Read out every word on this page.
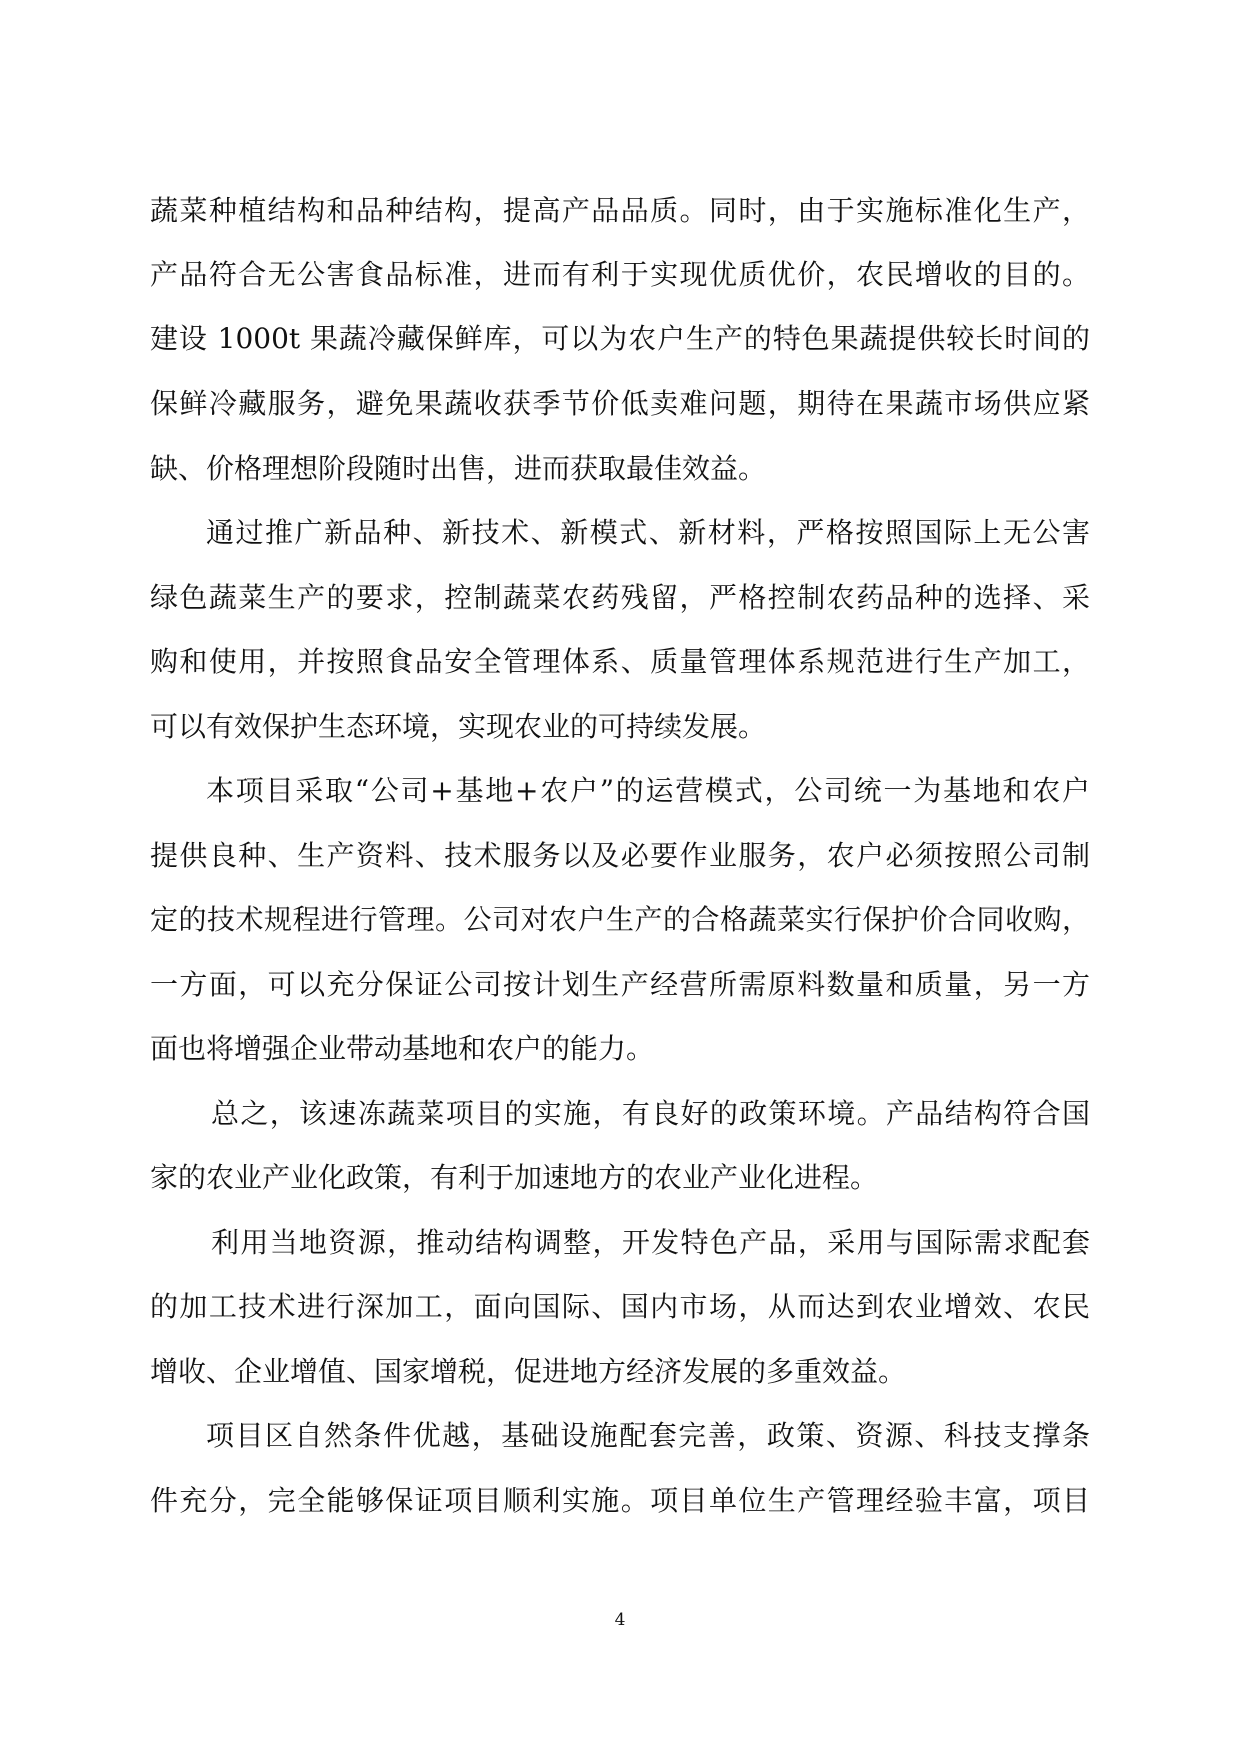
蔬菜种植结构和品种结构，提高产品品质。同时，由于实施标准化生产，
产品符合无公害食品标准，进而有利于实现优质优价，农民增收的目的。
建设 1000t 果蔬冷藏保鲜库，可以为农户生产的特色果蔬提供较长时间的
保鲜冷藏服务，避免果蔬收获季节价低卖难问题，期待在果蔬市场供应紧
缺、价格理想阶段随时出售，进而获取最佳效益。
通过推广新品种、新技术、新模式、新材料，严格按照国际上无公害
绿色蔬菜生产的要求，控制蔬菜农药残留，严格控制农药品种的选择、采
购和使用，并按照食品安全管理体系、质量管理体系规范进行生产加工，
可以有效保护生态环境，实现农业的可持续发展。
本项目采取“公司+基地+农户”的运营模式，公司统一为基地和农户
提供良种、生产资料、技术服务以及必要作业服务，农户必须按照公司制
定的技术规程进行管理。公司对农户生产的合格蔬菜实行保护价合同收购，
一方面，可以充分保证公司按计划生产经营所需原料数量和质量，另一方
面也将增强企业带动基地和农户的能力。
总之，该速冻蔬菜项目的实施，有良好的政策环境。产品结构符合国
家的农业产业化政策，有利于加速地方的农业产业化进程。
利用当地资源，推动结构调整，开发特色产品，采用与国际需求配套
的加工技术进行深加工，面向国际、国内市场，从而达到农业增效、农民
增收、企业增值、国家增税，促进地方经济发展的多重效益。
项目区自然条件优越，基础设施配套完善，政策、资源、科技支撑条
件充分，完全能够保证项目顺利实施。项目单位生产管理经验丰富，项目
4
